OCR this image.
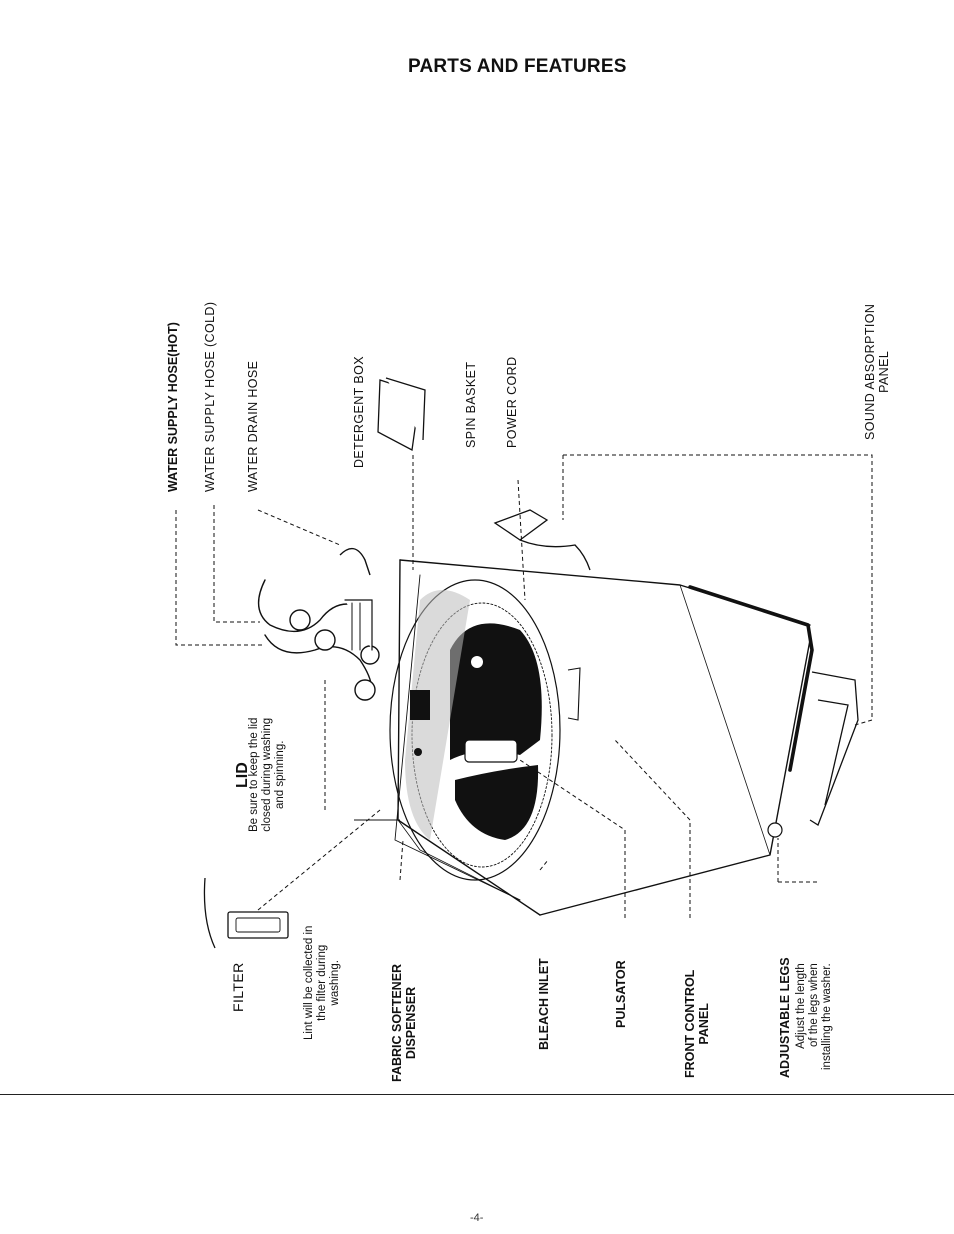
PARTS AND FEATURES
WATER SUPPLY HOSE(HOT) WATER SUPPLY HOSE (COLD) WATER DRAIN HOSE	DETERGENT BOX	SPIN BASKET POWER CORD	SOUND ABSORPTION PANEL
LID
Be sure to keep the lid closed during washing and spinning.
FILTER	Lint will be collected in the filter during washing.	FABRIC SOFTENER DISPENSER	BLEACH INLET	PULSATOR	FRONT CONTROL PANEL	ADJUSTABLE LEGS Adjust the length of the legs when installing the washer.
-4-
